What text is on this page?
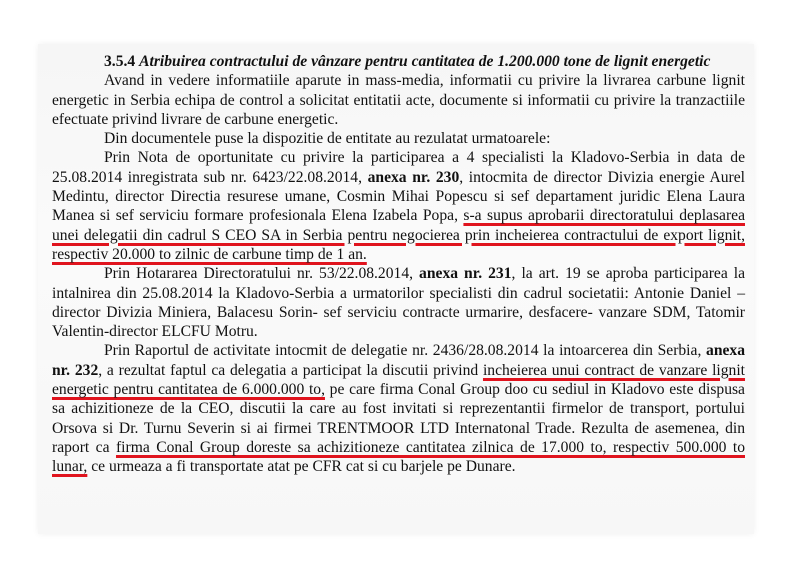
3.5.4 Atribuirea contractului de vânzare pentru cantitatea de 1.200.000 tone de lignit energetic

Avand in vedere informatiile aparute in mass-media, informatii cu privire la livrarea carbune lignit energetic in Serbia echipa de control a solicitat entitatii acte, documente si informatii cu privire la tranzactiile efectuate privind livrare de carbune energetic.

Din documentele puse la dispozitie de entitate au rezulatat urmatoarele:

Prin Nota de oportunitate cu privire la participarea a 4 specialisti la Kladovo-Serbia in data de 25.08.2014 inregistrata sub nr. 6423/22.08.2014, anexa nr. 230, intocmita de director Divizia energie Aurel Medintu, director Directia resurese umane, Cosmin Mihai Popescu si sef departament juridic Elena Laura Manea si sef serviciu formare profesionala Elena Izabela Popa, s-a supus aprobarii directoratului deplasarea unei delegatii din cadrul S CEO SA in Serbia pentru negocierea prin incheierea contractului de export lignit, respectiv 20.000 to zilnic de carbune timp de 1 an.

Prin Hotararea Directoratului nr. 53/22.08.2014, anexa nr. 231, la art. 19 se aproba participarea la intalnirea din 25.08.2014 la Kladovo-Serbia a urmatorilor specialisti din cadrul societatii: Antonie Daniel –director Divizia Miniera, Balacesu Sorin- sef serviciu contracte urmarire, desfacere- vanzare SDM, Tatomir Valentin-director ELCFU Motru.

Prin Raportul de activitate intocmit de delegatie nr. 2436/28.08.2014 la intoarcerea din Serbia, anexa nr. 232, a rezultat faptul ca delegatia a participat la discutii privind incheierea unui contract de vanzare lignit energetic pentru cantitatea de 6.000.000 to, pe care firma Conal Group doo cu sediul in Kladovo este dispusa sa achizitioneze de la CEO, discutii la care au fost invitati si reprezentantii firmelor de transport, portului Orsova si Dr. Turnu Severin si ai firmei TRENTMOOR LTD Internatonal Trade. Rezulta de asemenea, din raport ca firma Conal Group doreste sa achizitioneze cantitatea zilnica de 17.000 to, respectiv 500.000 to lunar, ce urmeaza a fi transportate atat pe CFR cat si cu barjele pe Dunare.
